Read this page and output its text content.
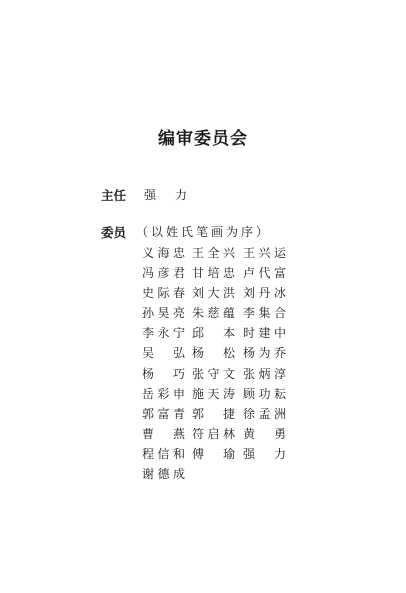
编审委员会
主任 强力
委员 （以姓氏笔画为序）
义 海 忠 王 全 兴 王 兴 运
冯 彦 君 甘 培 忠 卢 代 富
史 际 春 刘 大 洪 刘 丹 冰
孙 昊 亮 朱 慈 蕴 李 集 合
李 永 宁 邱 本 时 建 中
吴 弘 杨 松 杨 为 乔
杨 巧 张 守 文 张 炳 淳
岳 彩 申 施 天 涛 顾 功 耘
郭 富 青 郭 捷 徐 孟 洲
曹 燕 符 启 林 黄 勇
程 信 和 傅 瑜 强 力
谢 德 成
